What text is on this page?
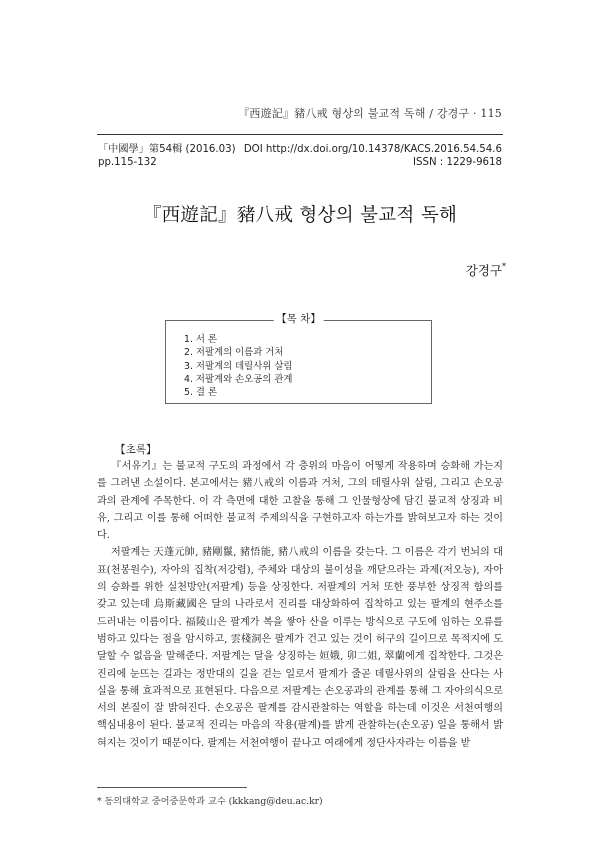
『西遊記』豬八戒 형상의 불교적 독해 / 강경구 · 115
「中國學」第54輯 (2016.03)
pp.115-132
DOI http://dx.doi.org/10.14378/KACS.2016.54.54.6
ISSN : 1229-9618
『西遊記』豬八戒 형상의 불교적 독해
강경구*
【목 차】
1. 서 론
2. 저팔계의 이름과 거처
3. 저팔계의 데릴사위 살림
4. 저팔계와 손오공의 관계
5. 결 론
【초록】

『서유기』는 불교적 구도의 과정에서 각 층위의 마음이 어떻게 작용하며 승화해 가는지를 그려낸 소설이다. 본고에서는 豬八戒의 이름과 거처, 그의 데릴사위 살림, 그리고 손오공과의 관계에 주목한다. 이 각 측면에 대한 고찰을 통해 그 인물형상에 담긴 불교적 상징과 비유, 그리고 이를 통해 어떠한 불교적 주제의식을 구현하고자 하는가를 밝혀보고자 하는 것이다.

저팔계는 天蓬元帥, 豬剛鬣, 豬悟能, 豬八戒의 이름을 갖는다. 그 이름은 각기 번뇌의 대표(천봉원수), 자아의 집착(저강렵), 주체와 대상의 불이성을 깨닫으라는 과제(저오능), 자아의 승화를 위한 실천방안(저팔계) 등을 상징한다. 저팔계의 거처 또한 풍부한 상징적 함의를 갖고 있는데 烏斯藏國은 달의 나라로서 진리를 대상화하여 집착하고 있는 팔계의 현주소를 드러내는 이름이다. 福陵山은 팔계가 복을 쌓아 산을 이루는 방식으로 구도에 임하는 오류를 범하고 있다는 점을 암시하고, 雲棧洞은 팔계가 건고 있는 것이 허구의 길이므로 목적지에 도달할 수 없음을 말해준다. 저팔계는 달을 상징하는 姮娥, 卯二姐, 翠蘭에게 집착한다. 그것은 진리에 눈뜨는 길과는 정반대의 길을 걷는 일로서 팔계가 줄곧 데릴사위의 살림을 산다는 사실을 통해 효과적으로 표현된다. 다음으로 저팔계는 손오공과의 관계를 통해 그 자아의식으로서의 본질이 잘 밝혀진다. 손오공은 팔계를 감시관찰하는 역할을 하는데 이것은 서천여행의 핵심내용이 된다. 불교적 진리는 마음의 작용(팔계)를 밝게 관찰하는(손오공) 일을 통해서 밝혀지는 것이기 때문이다. 팔계는 서천여행이 끝나고 여래에게 정단사자라는 이름을 받

* 동의대학교 중어중문학과 교수 (kkkang@deu.ac.kr)
